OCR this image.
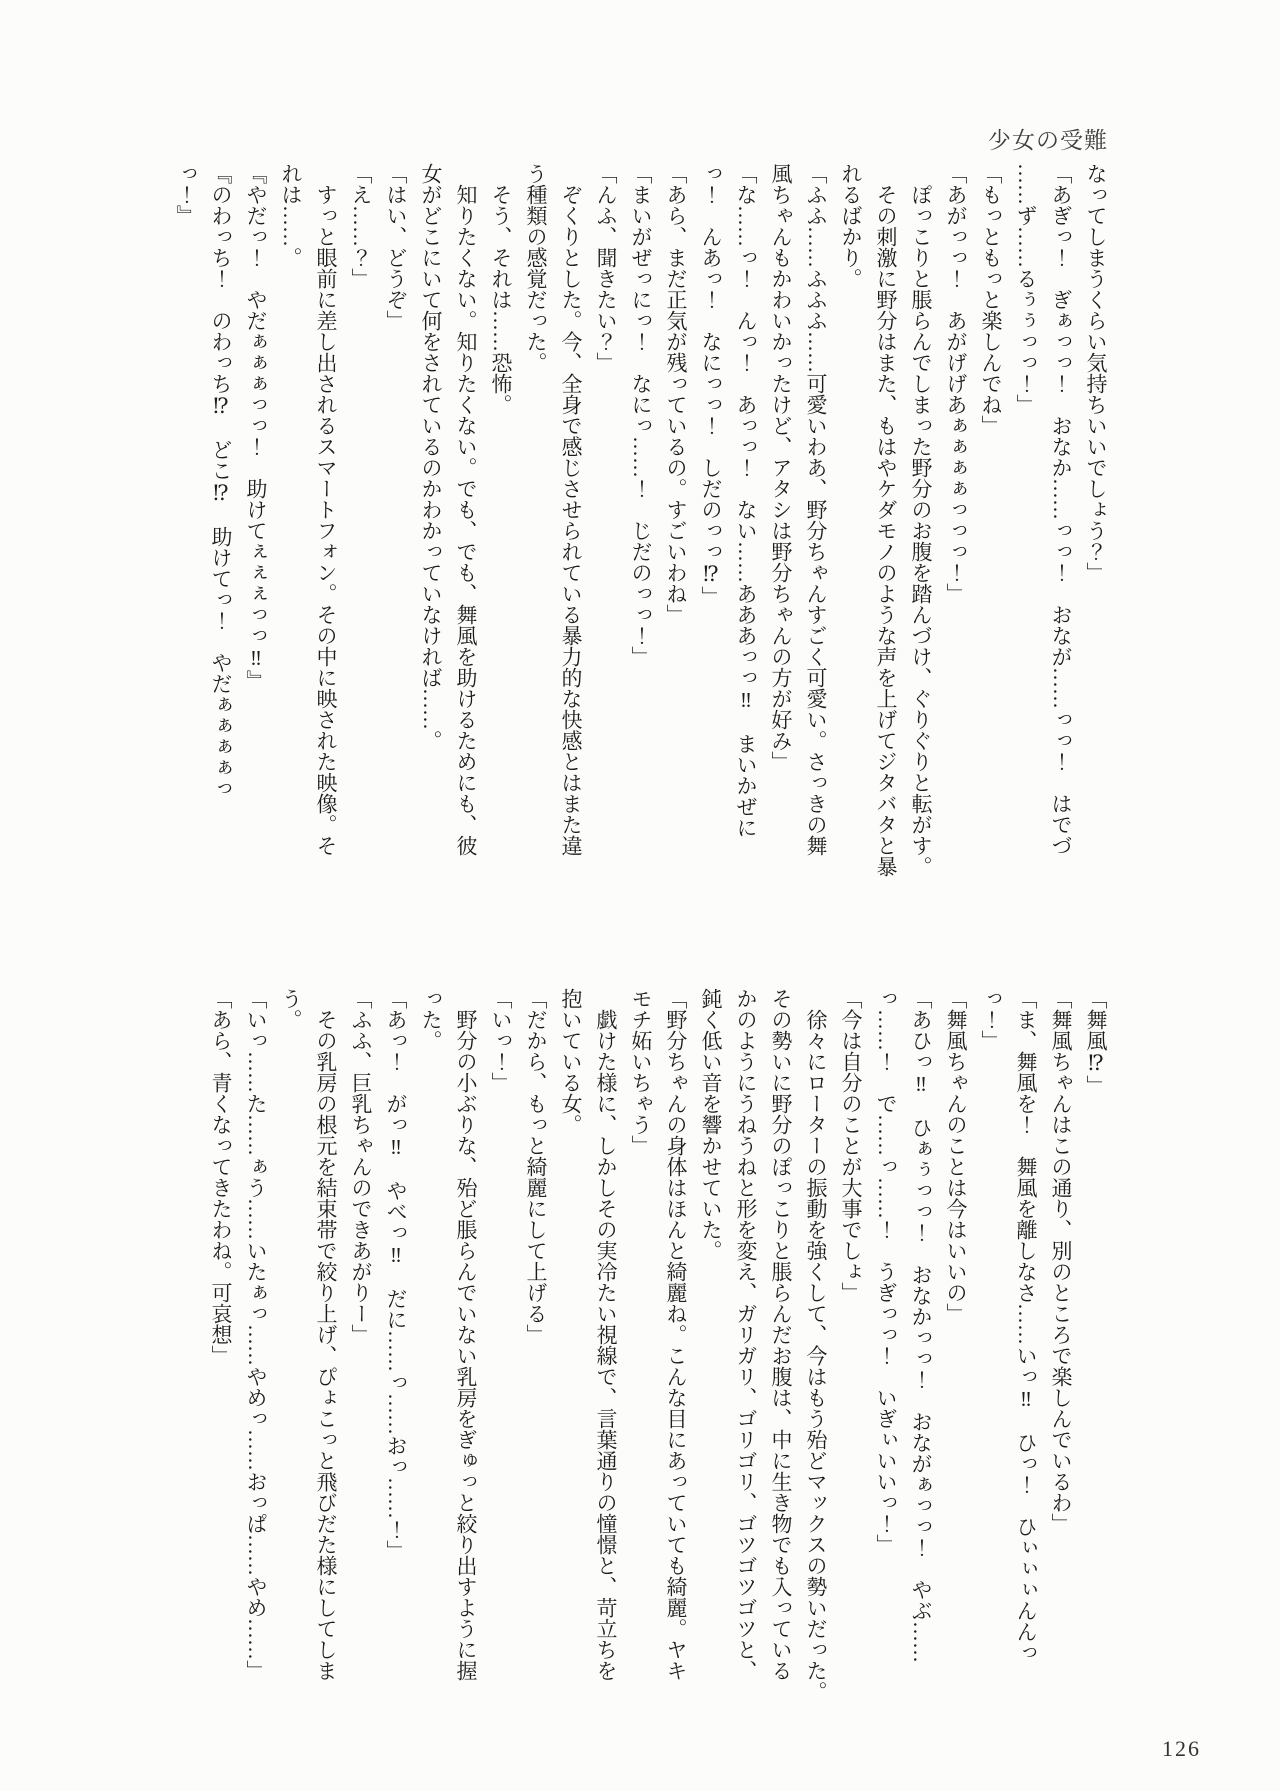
少女の受難

なってしまうくらい気持ちいいでしょう？」

「あぎっ！　ぎぁっっ！　おなか……っっ！　おなが……っっ！　はでづ

……ず……るぅぅっっ！」

「もっともっと楽しんでね」

「あがっっ！　あがげげあぁぁぁぁっっっ！」

　ぽっこりと脹らんでしまった野分のお腹を踏んづけ、ぐりぐりと転がす。

　その刺激に野分はまた、もはやケダモノのような声を上げてジタバタと暴

れるばかり。

「ふふ……ふふふ……可愛いわあ、野分ちゃんすごく可愛い。さっきの舞

風ちゃんもかわいかったけど、アタシは野分ちゃんの方が好み」

「な……っ！　んっ！　あっっ！　ない……あああっっ‼　まいかぜに

っ！　んあっ！　なにっっ！　しだのっっ⁉」

「あら、まだ正気が残っているの。すごいわね」

「まいがぜっにっ！　なにっ……！　じだのっっ！」

「んふ、聞きたい？」

　ぞくりとした。今、全身で感じさせられている暴力的な快感とはまた違

う種類の感覚だった。

　そう、それは……恐怖。

　知りたくない。知りたくない。でも、でも、舞風を助けるためにも、彼

女がどこにいて何をされているのかわかっていなければ……。

「はい、どうぞ」

「え……？」

　すっと眼前に差し出されるスマートフォン。その中に映された映像。そ

れは……。

『やだっ！　やだぁぁぁっっ！　助けてぇぇぇっっ‼』

『のわっち！　のわっち⁉　どこ⁉　助けてっ！　やだぁぁぁぁっ

っ！』

「舞風⁉」

「舞風ちゃんはこの通り、別のところで楽しんでいるわ」

「ま、舞風を！　舞風を離しなさ……いっ‼　ひっ！　ひぃぃぃんんっ

っ！」

「舞風ちゃんのことは今はいいの」

「あひっ‼　ひぁぅっっ！　おなかっっ！　おながぁっっ！　やぶ……

っ……！　で……っ……！　うぎっっ！　いぎぃいいっ！」

「今は自分のことが大事でしょ」

　徐々にローターの振動を強くして、今はもう殆どマックスの勢いだった。

その勢いに野分のぽっこりと脹らんだお腹は、中に生き物でも入っている

かのようにうねうねと形を変え、ガリガリ、ゴリゴリ、ゴツゴツゴツと、

鈍く低い音を響かせていた。

「野分ちゃんの身体はほんと綺麗ね。こんな目にあっていても綺麗。ヤキ

モチ妬いちゃう」

　戯けた様に、しかしその実冷たい視線で、言葉通りの憧憬と、苛立ちを

抱いている女。

「だから、もっと綺麗にして上げる」

「いっ！」

　野分の小ぶりな、殆ど脹らんでいない乳房をぎゅっと絞り出すように握

った。

「あっ！　がっ‼　やべっ‼　だに……っ……おっ……！」

「ふふ、巨乳ちゃんのできあがりー」

　その乳房の根元を結束帯で絞り上げ、ぴょこっと飛びだた様にしてしま

う。

「いっ……た……ぁう……いたぁっ……やめっ……おっぱ……やめ……」

「あら、青くなってきたわね。可哀想」

126
